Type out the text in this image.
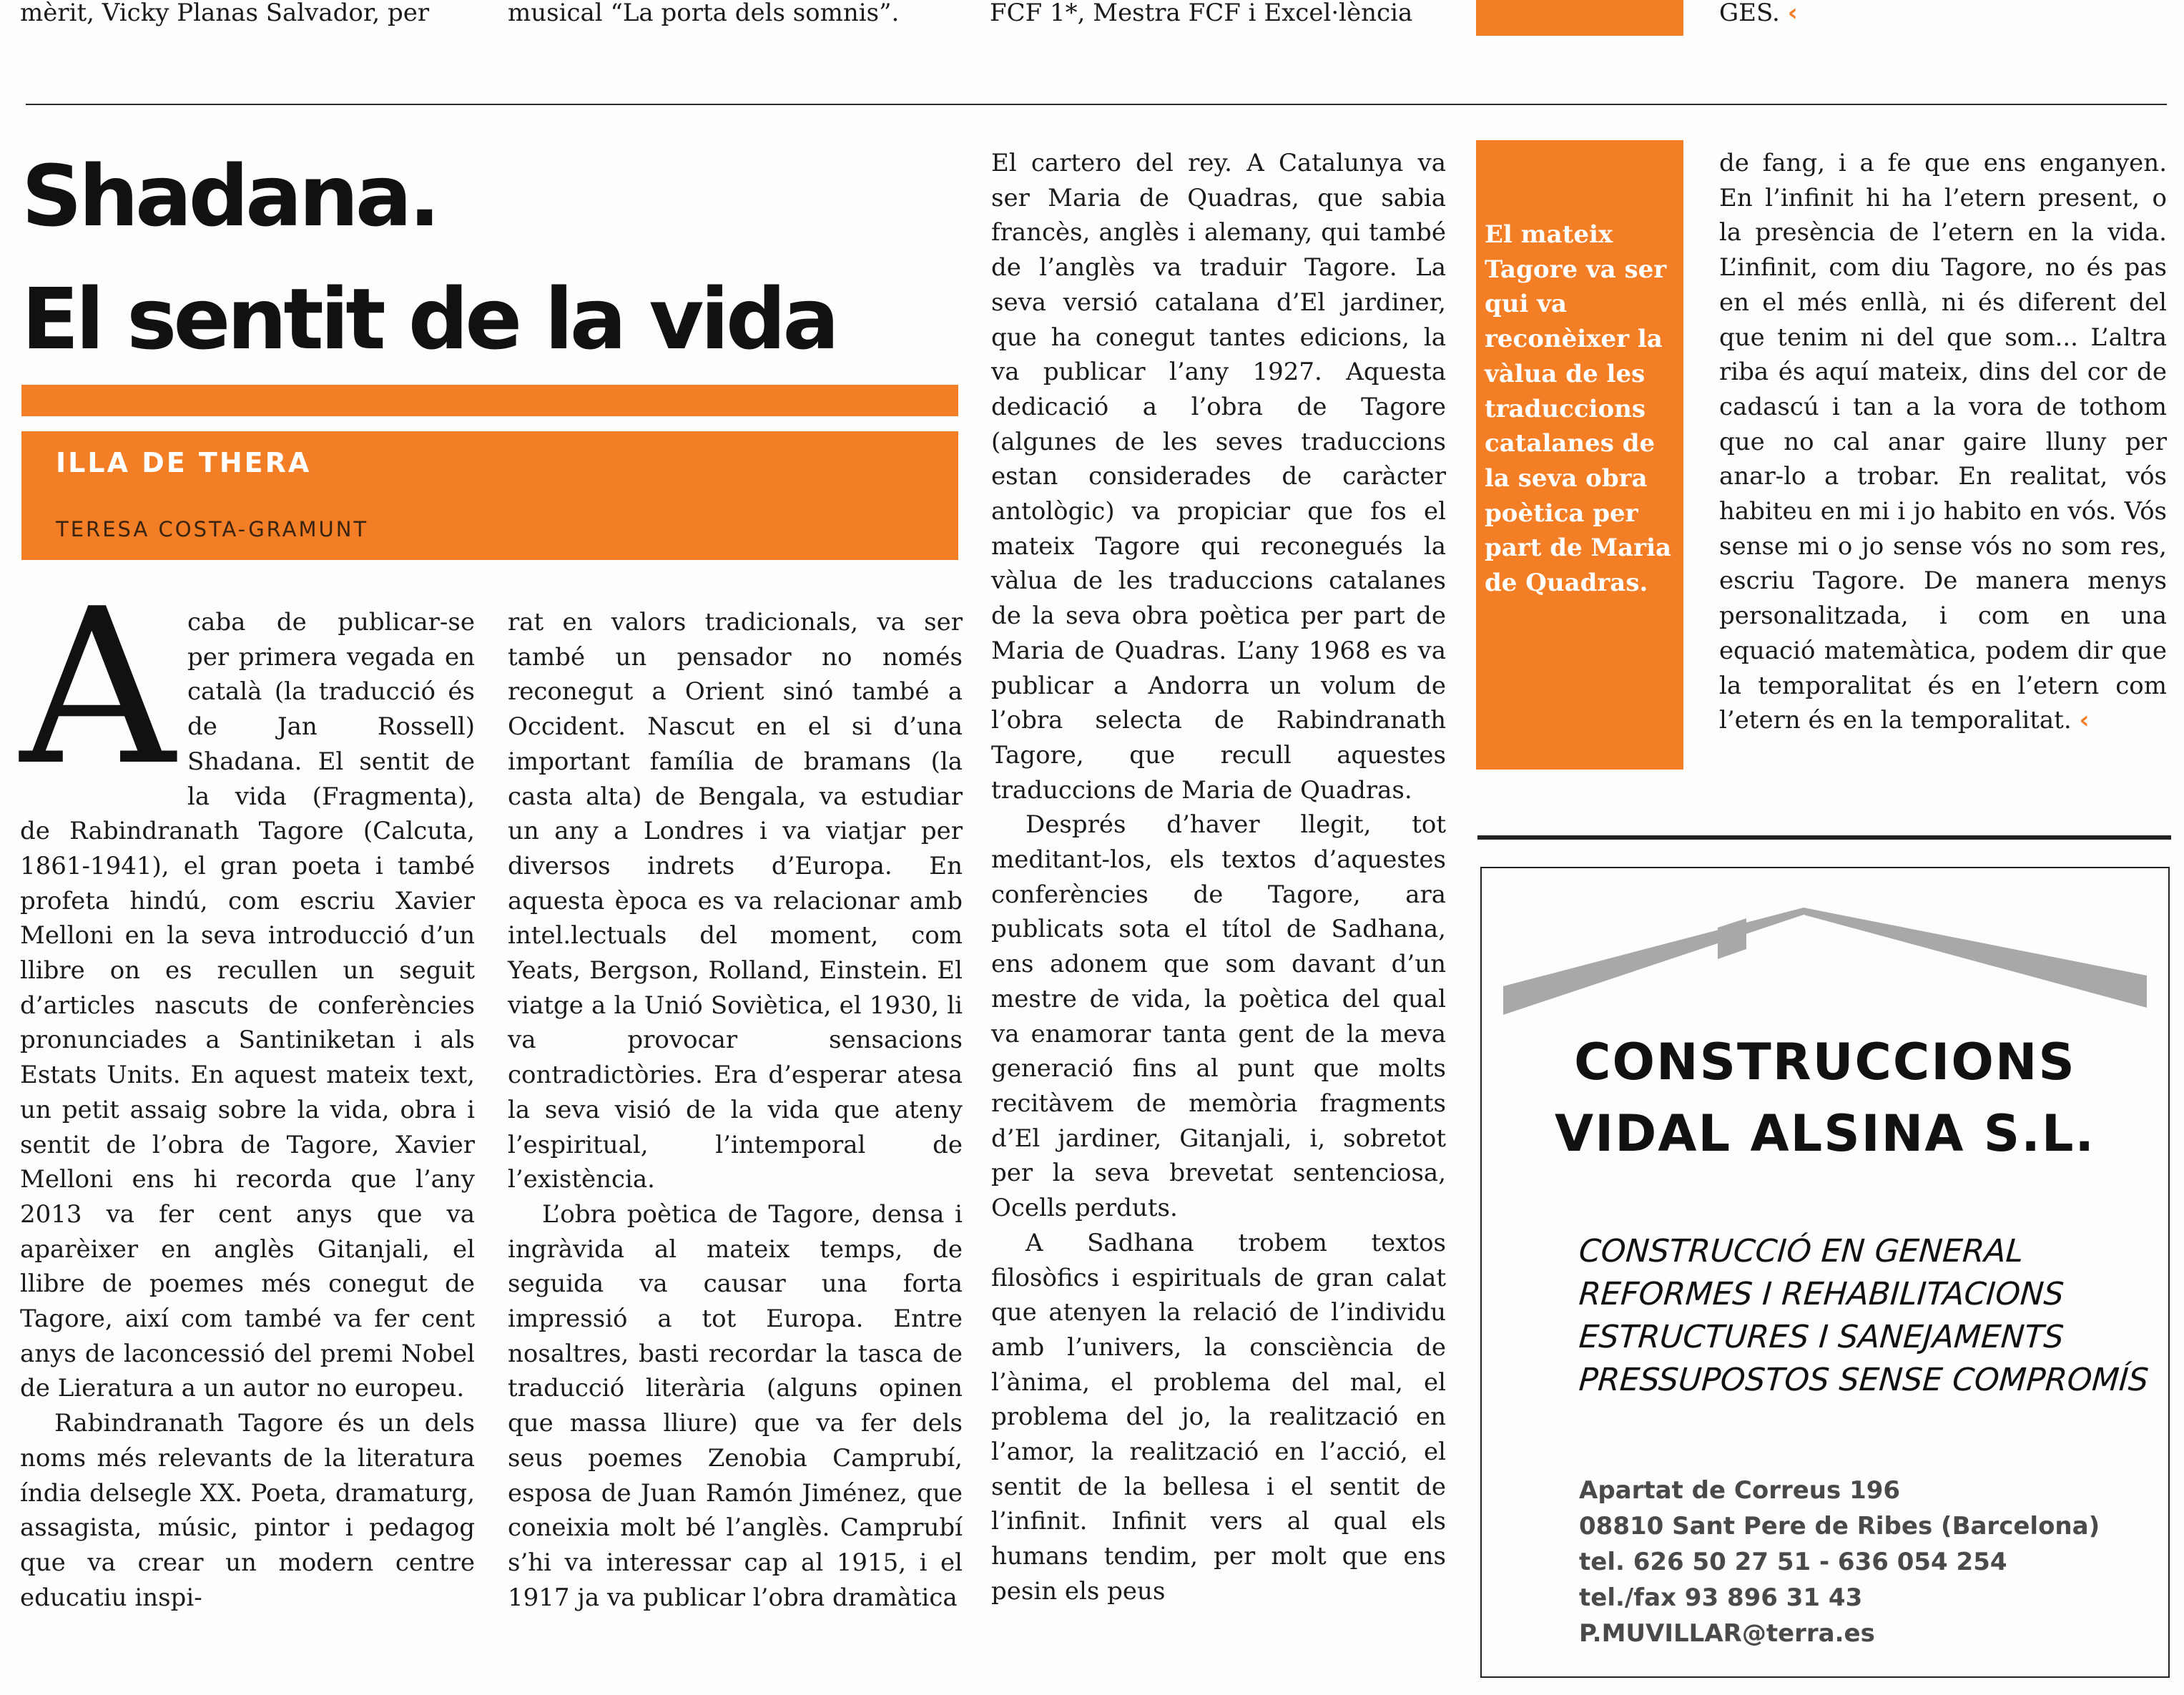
mèrit, Vicky Planas Salvador, per	musical “La porta dels somnis”.	FCF 1*, Mestra FCF i Excel·lència	GES. ‹
Shadana.
El sentit de la vida
ILLA DE THERA
TERESA COSTA-GRAMUNT
A caba de publicar-se per primera vegada en català (la traducció és de Jan Rossell) Shadana. El sentit de la vida (Fragmenta), de Rabindranath Tagore (Calcuta, 1861-1941), el gran poeta i també profeta hindú, com escriu Xavier Melloni en la seva introducció d’un llibre on es recullen un seguit d’articles nascuts de conferències pronunciades a Santiniketan i als Estats Units. En aquest mateix text, un petit assaig sobre la vida, obra i sentit de l’obra de Tagore, Xavier Melloni ens hi recorda que l’any 2013 va fer cent anys que va aparèixer en anglès Gitanjali, el llibre de poemes més conegut de Tagore, així com també va fer cent anys de laconcessió del premi Nobel de Lieratura a un autor no europeu.

Rabindranath Tagore és un dels noms més relevants de la literatura índia delsegle XX. Poeta, dramaturg, assagista, músic, pintor i pedagog que va crear un modern centre educatiu inspi-

rat en valors tradicionals, va ser també un pensador no només reconegut a Orient sinó també a Occident. Nascut en el si d’una important família de bramans (la casta alta) de Bengala, va estudiar un any a Londres i va viatjar per diversos indrets d’Europa. En aquesta època es va relacionar amb intel.lectuals del moment, com Yeats, Bergson, Rolland, Einstein. El viatge a la Unió Soviètica, el 1930, li va provocar sensacions contradictòries. Era d’esperar atesa la seva visió de la vida que ateny l’espiritual, l’intemporal de l’existència.

L’obra poètica de Tagore, densa i ingràvida al mateix temps, de seguida va causar una forta impressió a tot Europa. Entre nosaltres, basti recordar la tasca de traducció literària (alguns opinen que massa lliure) que va fer dels seus poemes Zenobia Camprubí, esposa de Juan Ramón Jiménez, que coneixia molt bé l’anglès. Camprubí s’hi va interessar cap al 1915, i el 1917 ja va publicar l’obra dramàtica

El cartero del rey. A Catalunya va ser Maria de Quadras, que sabia francès, anglès i alemany, qui també de l’anglès va traduir Tagore. La seva versió catalana d’El jardiner, que ha conegut tantes edicions, la va publicar l’any 1927. Aquesta dedicació a l’obra de Tagore (algunes de les seves traduccions estan considerades de caràcter antològic) va propiciar que fos el mateix Tagore qui reconegués la vàlua de les traduccions catalanes de la seva obra poètica per part de Maria de Quadras. L’any 1968 es va publicar a Andorra un volum de l’obra selecta de Rabindranath Tagore, que recull aquestes traduccions de Maria de Quadras.

Després d’haver llegit, tot meditant-los, els textos d’aquestes conferències de Tagore, ara publicats sota el títol de Sadhana, ens adonem que som davant d’un mestre de vida, la poètica del qual va enamorar tanta gent de la meva generació fins al punt que molts recitàvem de memòria fragments d’El jardiner, Gitanjali, i, sobretot per la seva brevetat sentenciosa, Ocells perduts.

A Sadhana trobem textos filosòfics i espirituals de gran calat que atenyen la relació de l’individu amb l’univers, la consciència de l’ànima, el problema del mal, el problema del jo, la realització en l’amor, la realització en l’acció, el sentit de la bellesa i el sentit de l’infinit. Infinit vers al qual els humans tendim, per molt que ens pesin els peus

El mateix Tagore va ser qui va reconèixer la vàlua de les traduccions catalanes de la seva obra poètica per part de Maria de Quadras.

de fang, i a fe que ens enganyen. En l’infinit hi ha l’etern present, o la presència de l’etern en la vida. L’infinit, com diu Tagore, no és pas en el més enllà, ni és diferent del que tenim ni del que som... L’altra riba és aquí mateix, dins del cor de cadascú i tan a la vora de tothom que no cal anar gaire lluny per anar-lo a trobar. En realitat, vós habiteu en mi i jo habito en vós. Vós sense mi o jo sense vós no som res, escriu Tagore. De manera menys personalitzada, i com en una equació matemàtica, podem dir que la temporalitat és en l’etern com l’etern és en la temporalitat. ‹

CONSTRUCCIONS
VIDAL ALSINA S.L.
CONSTRUCCIÓ EN GENERAL
REFORMES I REHABILITACIONS
ESTRUCTURES I SANEJAMENTS
PRESSUPOSTOS SENSE COMPROMÍS
Apartat de Correus 196
08810 Sant Pere de Ribes (Barcelona)
tel. 626 50 27 51 - 636 054 254
tel./fax 93 896 31 43
P.MUVILLAR@terra.es
